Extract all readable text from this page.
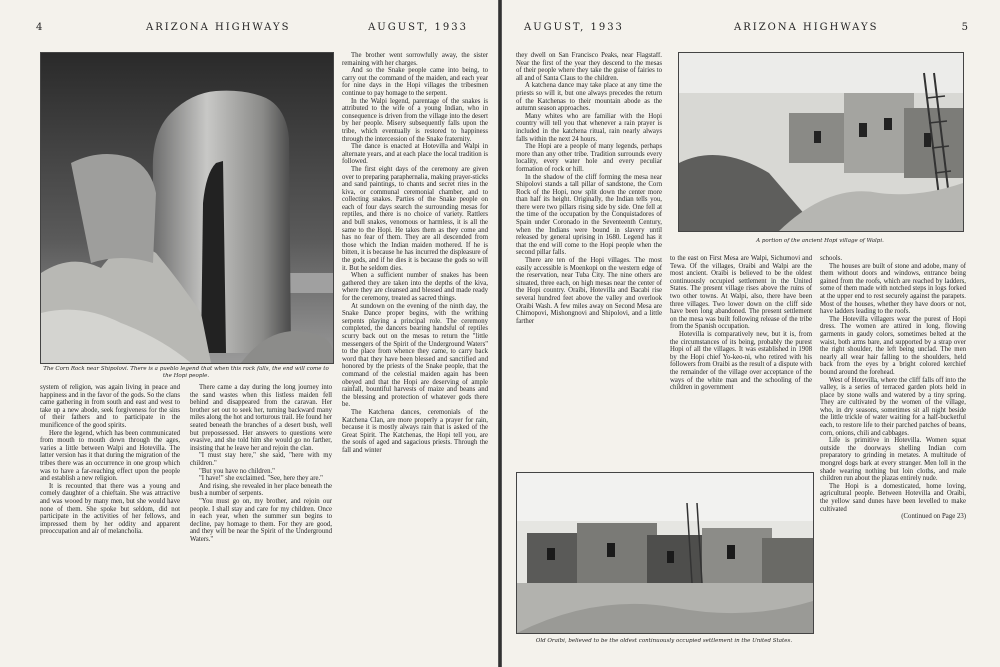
4	ARIZONA HIGHWAYS	AUGUST, 1933
The Corn Rock near Shipolovi. There is a pueblo legend that when this rock falls, the end will come to the Hopi people.

system of religion, was again living in peace and happiness and in the favor of the gods. So the clans came gathering in from south and east and west to take up a new abode, seek forgiveness for the sins of their fathers and to participate in the munificence of the good spirits.

Here the legend, which has been communicated from mouth to mouth down through the ages, varies a little between Walpi and Hotevilla. The latter version has it that during the migration of the tribes there was an occurrence in one group which was to have a far-reaching effect upon the people and establish a new religion.

It is recounted that there was a young and comely daughter of a chieftain. She was attractive and was wooed by many men, but she would have none of them. She spoke but seldom, did not participate in the activities of her fellows, and impressed them by her oddity and apparent preoccupation and air of melancholia.

There came a day during the long journey into the sand wastes when this listless maiden fell behind and disappeared from the caravan. Her brother set out to seek her, turning backward many miles along the hot and torturous trail. He found her seated beneath the branches of a desert bush, well but prepossessed. Her answers to questions were evasive, and she told him she would go no farther, insisting that he leave her and rejoin the clan.

"I must stay here," she said, "here with my children."

"But you have no children."

"I have!" she exclaimed. "See, here they are."

And rising, she revealed in her place beneath the bush a number of serpents.

"You must go on, my brother, and rejoin our people. I shall stay and care for my children. Once in each year, when the summer sun begins to decline, pay homage to them. For they are good, and they will be near the Spirit of the Underground Waters."

The brother went sorrowfully away, the sister remaining with her charges.

And so the Snake people came into being, to carry out the command of the maiden, and each year for nine days in the Hopi villages the tribesmen continue to pay homage to the serpent.

In the Walpi legend, parentage of the snakes is attributed to the wife of a young Indian, who in consequence is driven from the village into the desert by her people. Misery subsequently falls upon the tribe, which eventually is restored to happiness through the intercession of the Snake fraternity.

The dance is enacted at Hotevilla and Walpi in alternate years, and at each place the local tradition is followed.

The first eight days of the ceremony are given over to preparing paraphernalia, making prayer-sticks and sand paintings, to chants and secret rites in the kiva, or communal ceremonial chamber, and to collecting snakes. Parties of the Snake people on each of four days search the surrounding mesas for reptiles, and there is no choice of variety. Rattlers and bull snakes, venomous or harmless, it is all the same to the Hopi. He takes them as they come and has no fear of them. They are all descended from those which the Indian maiden mothered. If he is bitten, it is because he has incurred the displeasure of the gods, and if he dies it is because the gods so will it. But he seldom dies.

When a sufficient number of snakes has been gathered they are taken into the depths of the kiva, where they are cleansed and blessed and made ready for the ceremony, treated as sacred things.

At sundown on the evening of the ninth day, the Snake Dance proper begins, with the writhing serpents playing a principal role. The ceremony completed, the dancers bearing handsful of reptiles scurry back out on the mesas to return the "little messengers of the Spirit of the Underground Waters" to the place from whence they came, to carry back word that they have been blessed and sanctified and honored by the priests of the Snake people, that the command of the celestial maiden again has been obeyed and that the Hopi are deserving of ample rainfall, bountiful harvests of maize and beans and the blessing and protection of whatever gods there be.

The Katchena dances, ceremonials of the Katchena Clan, are more properly a prayer for rain, because it is mostly always rain that is asked of the Great Spirit. The Katchenas, the Hopi tell you, are the souls of aged and sagacious priests. Through the fall and winter

AUGUST, 1933	ARIZONA HIGHWAYS	5

they dwell on San Francisco Peaks, near Flagstaff. Near the first of the year they descend to the mesas of their people where they take the guise of fairies to all and of Santa Claus to the children.

A katchena dance may take place at any time the priests so will it, but one always precedes the return of the Katchenas to their mountain abode as the autumn season approaches.

Many whites who are familiar with the Hopi country will tell you that whenever a rain prayer is included in the katchena ritual, rain nearly always falls within the next 24 hours.

The Hopi are a people of many legends, perhaps more than any other tribe. Tradition surrounds every locality, every water hole and every peculiar formation of rock or hill.

In the shadow of the cliff forming the mesa near Shipolovi stands a tall pillar of sandstone, the Corn Rock of the Hopi, now split down the center more than half its height. Originally, the Indian tells you, there were two pillars rising side by side. One fell at the time of the occupation by the Conquistadores of Spain under Coronado in the Seventeenth Century, when the Indians were bound in slavery until released by general uprising in 1680. Legend has it that the end will come to the Hopi people when the second pillar falls.

There are ten of the Hopi villages. The most easily accessible is Moenkopi on the western edge of the reservation, near Tuba City. The nine others are situated, three each, on high mesas near the center of the Hopi country. Oraibi, Hotevilla and Bacabi rise several hundred feet above the valley and overlook Oraibi Wash. A few miles away on Second Mesa are Chimopovi, Mishongnovi and Shipolovi, and a little farther

A portion of the ancient Hopi village of Walpi.

to the east on First Mesa are Walpi, Sichumovi and Tewa. Of the villages, Oraibi and Walpi are the most ancient. Oraibi is believed to be the oldest continuously occupied settlement in the United States. The present village rises above the ruins of two other towns. At Walpi, also, there have been three villages. Two lower down on the cliff side have been long abandoned. The present settlement on the mesa was built following release of the tribe from the Spanish occupation.

Hotevilla is comparatively new, but it is, from the circumstances of its being, probably the purest Hopi of all the villages. It was established in 1908 by the Hopi chief Yo-keo-ni, who retired with his followers from Oraibi as the result of a dispute with the remainder of the village over acceptance of the ways of the white man and the schooling of the children in government

schools.

The houses are built of stone and adobe, many of them without doors and windows, entrance being gained from the roofs, which are reached by ladders, some of them made with notched steps in logs forked at the upper end to rest securely against the parapets. Most of the houses, whether they have doors or not, have ladders leading to the roofs.

The Hotevilla villagers wear the purest of Hopi dress. The women are attired in long, flowing garments in gaudy colors, sometimes belted at the waist, both arms bare, and supported by a strap over the right shoulder, the left being unclad. The men nearly all wear hair falling to the shoulders, held back from the eyes by a bright colored kerchief bound around the forehead.

West of Hotevilla, where the cliff falls off into the valley, is a series of terraced garden plots held in place by stone walls and watered by a tiny spring. They are cultivated by the women of the village, who, in dry seasons, sometimes sit all night beside the little trickle of water waiting for a half-bucketful each, to restore life to their parched patches of beans, corn, onions, chili and cabbages.

Life is primitive in Hotevilla. Women squat outside the doorways shelling Indian corn preparatory to grinding in metates. A multitude of mongrel dogs bark at every stranger. Men loll in the shade wearing nothing but loin cloths, and male children run about the plazas entirely nude.

The Hopi is a domesticated, home loving, agricultural people. Between Hotevilla and Oraibi, the yellow sand dunes have been levelled to make cultivated

(Continued on Page 23)

Old Oraibi, believed to be the oldest continuously occupied settlement in the United States.
